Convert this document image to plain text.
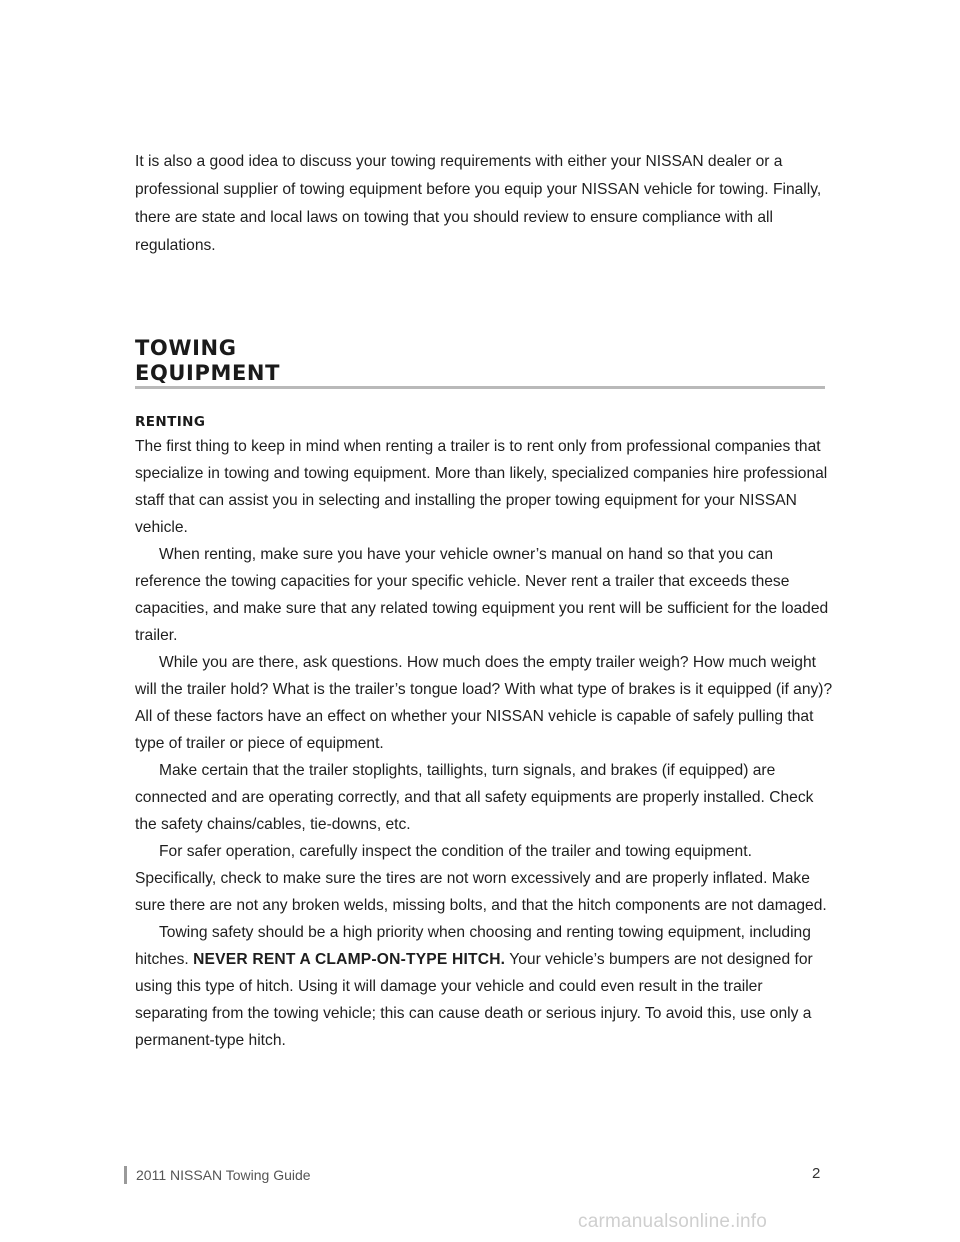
It is also a good idea to discuss your towing requirements with either your NISSAN dealer or a professional supplier of towing equipment before you equip your NISSAN vehicle for towing. Finally, there are state and local laws on towing that you should review to ensure compliance with all regulations.

TOWING
EQUIPMENT
RENTING

The first thing to keep in mind when renting a trailer is to rent only from professional companies that specialize in towing and towing equipment. More than likely, specialized companies hire professional staff that can assist you in selecting and installing the proper towing equipment for your NISSAN vehicle.

When renting, make sure you have your vehicle owner’s manual on hand so that you can reference the towing capacities for your specific vehicle. Never rent a trailer that exceeds these capacities, and make sure that any related towing equipment you rent will be sufficient for the loaded trailer.

While you are there, ask questions. How much does the empty trailer weigh? How much weight will the trailer hold? What is the trailer’s tongue load? With what type of brakes is it equipped (if any)? All of these factors have an effect on whether your NISSAN vehicle is capable of safely pulling that type of trailer or piece of equipment.

Make certain that the trailer stoplights, taillights, turn signals, and brakes (if equipped) are connected and are operating correctly, and that all safety equipments are properly installed. Check the safety chains/cables, tie-downs, etc.

For safer operation, carefully inspect the condition of the trailer and towing equipment. Specifically, check to make sure the tires are not worn excessively and are properly inflated. Make sure there are not any broken welds, missing bolts, and that the hitch components are not damaged.

Towing safety should be a high priority when choosing and renting towing equipment, including hitches. NEVER RENT A CLAMP-ON-TYPE HITCH. Your vehicle’s bumpers are not designed for using this type of hitch. Using it will damage your vehicle and could even result in the trailer separating from the towing vehicle; this can cause death or serious injury. To avoid this, use only a permanent-type hitch.

2011 NISSAN Towing Guide	2
carmanualsonline.info
